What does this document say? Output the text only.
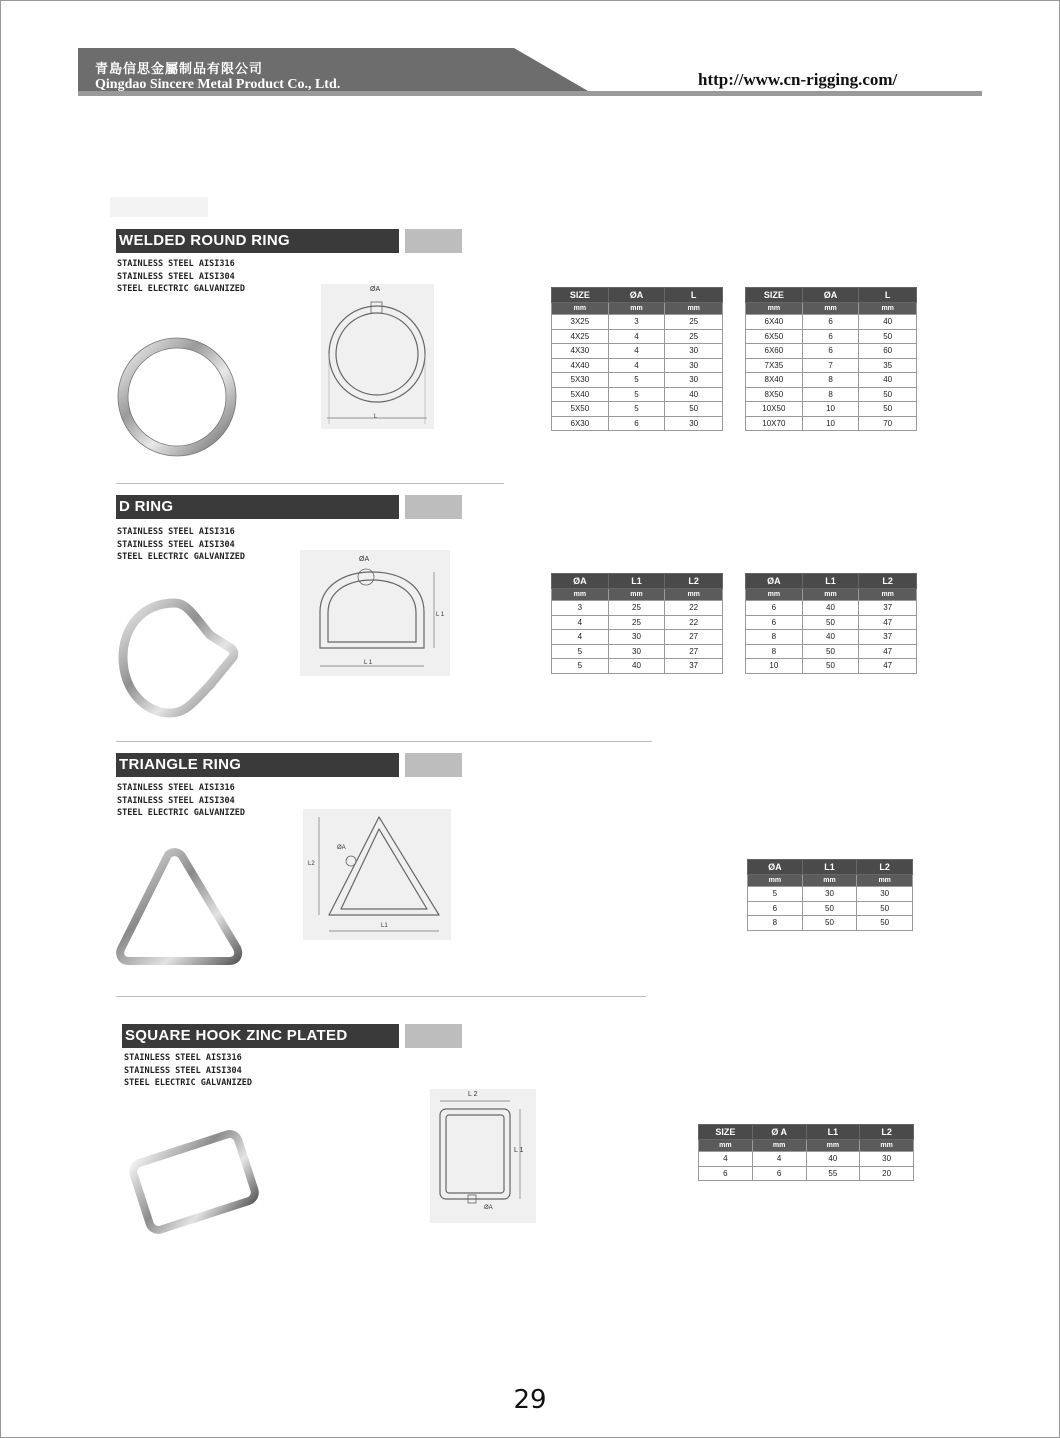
青島信思金屬制品有限公司
Qingdao Sincere Metal Product Co., Ltd.	http://www.cn-rigging.com/
WELDED ROUND RING
STAINLESS STEEL AISI316
STAINLESS STEEL AISI304
STEEL ELECTRIC GALVANIZED	ØA
L
SIZE	ØA	L
mm	mm	mm
3X25	3	25
4X25	4	25
4X30	4	30
4X40	4	30
5X30	5	30
5X40	5	40
5X50	5	50
6X30	6	30
SIZE	ØA	L
mm	mm	mm
6X40	6	40
6X50	6	50
6X60	6	60
7X35	7	35
8X40	8	40
8X50	8	50
10X50	10	50
10X70	10	70
D RING
STAINLESS STEEL AISI316
STAINLESS STEEL AISI304
STEEL ELECTRIC GALVANIZED	ØA
L 1
L 1
ØA	L1	L2
mm	mm	mm
3	25	22
4	25	22
4	30	27
5	30	27
5	40	37
ØA	L1	L2
mm	mm	mm
6	40	37
6	50	47
8	40	37
8	50	47
10	50	47
TRIANGLE RING
STAINLESS STEEL AISI316
STAINLESS STEEL AISI304
STEEL ELECTRIC GALVANIZED
ØA
L2
L1
ØA	L1	L2
mm	mm	mm
5	30	30
6	50	50
8	50	50
SQUARE HOOK ZINC PLATED
STAINLESS STEEL AISI316
STAINLESS STEEL AISI304
STEEL ELECTRIC GALVANIZED
L 2
L 1
ØA
SIZE	Ø A	L1	L2
mm	mm	mm	mm
4	4	40	30
6	6	55	20
29
